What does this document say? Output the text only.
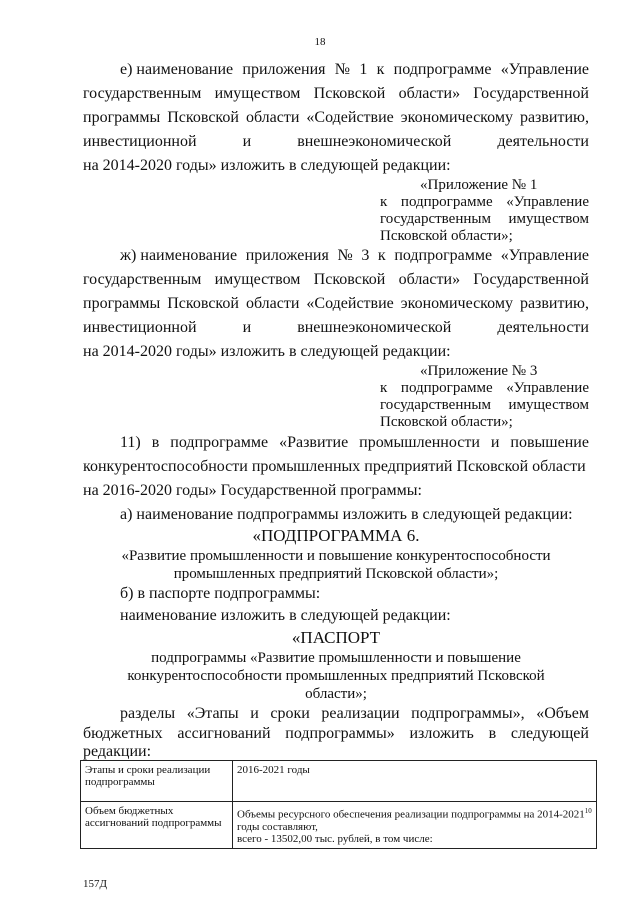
18
е) наименование приложения № 1 к подпрограмме «Управление
государственным имуществом Псковской области» Государственной
программы Псковской области «Содействие экономическому развитию,
инвестиционной	и	внешнеэкономической	деятельности
на 2014-2020 годы» изложить в следующей редакции:
«Приложение № 1
к подпрограмме «Управление
государственным имуществом
Псковской области»;
ж) наименование приложения № 3 к подпрограмме «Управление
государственным имуществом Псковской области» Государственной
программы Псковской области «Содействие экономическому развитию,
инвестиционной	и	внешнеэкономической	деятельности
на 2014-2020 годы» изложить в следующей редакции:
«Приложение № 3
к подпрограмме «Управление
государственным имуществом
Псковской области»;
11) в подпрограмме «Развитие промышленности и повышение
конкурентоспособности промышленных предприятий Псковской области
на 2016-2020 годы» Государственной программы:
а) наименование подпрограммы изложить в следующей редакции:
«ПОДПРОГРАММА 6.
«Развитие промышленности и повышение конкурентоспособности
промышленных предприятий Псковской области»;
б) в паспорте подпрограммы:
наименование изложить в следующей редакции:
«ПАСПОРТ
подпрограммы «Развитие промышленности и повышение
конкурентоспособности промышленных предприятий Псковской
области»;
разделы «Этапы и сроки реализации подпрограммы», «Объем
бюджетных ассигнований подпрограммы» изложить в следующей
редакции:
Этапы и сроки реализации подпрограммы	2016-2021 годы
Объем бюджетных ассигнований подпрограммы	Объемы ресурсного обеспечения реализации подпрограммы на 2014-2021$^{10}$ годы составляют,
всего - 13502,00 тыс. рублей, в том числе:
157Д
